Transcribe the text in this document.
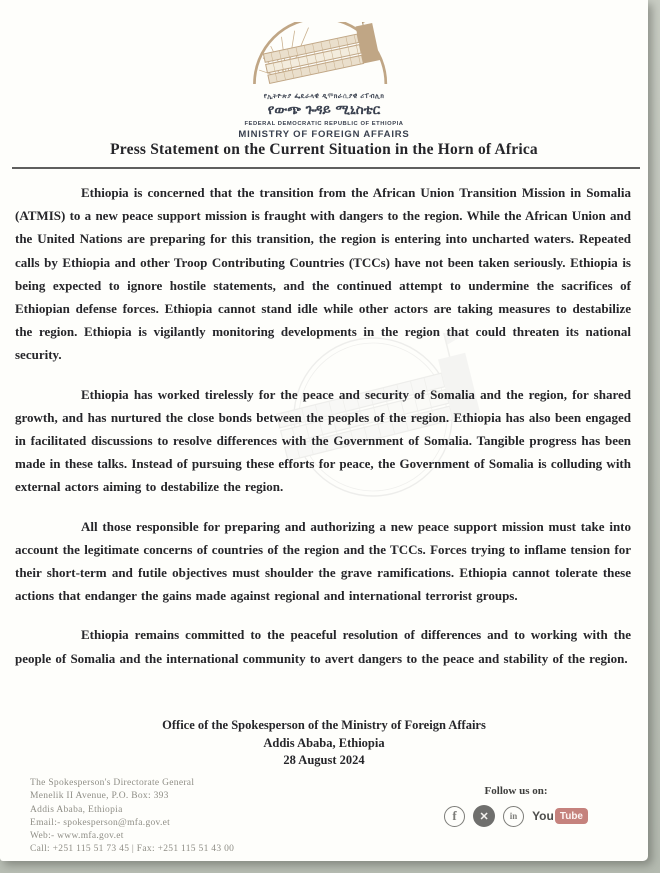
የኢትዮጵያ ፌዴራላዊ ዲሞክራሲያዊ ሪፐብሊክ
የውጭ ጉዳይ ሚኒስቴር
FEDERAL DEMOCRATIC REPUBLIC OF ETHIOPIA
MINISTRY OF FOREIGN AFFAIRS
Press Statement on the Current Situation in the Horn of Africa

Ethiopia is concerned that the transition from the African Union Transition Mission in Somalia (ATMIS) to a new peace support mission is fraught with dangers to the region. While the African Union and the United Nations are preparing for this transition, the region is entering into uncharted waters. Repeated calls by Ethiopia and other Troop Contributing Countries (TCCs) have not been taken seriously. Ethiopia is being expected to ignore hostile statements, and the continued attempt to undermine the sacrifices of Ethiopian defense forces. Ethiopia cannot stand idle while other actors are taking measures to destabilize the region. Ethiopia is vigilantly monitoring developments in the region that could threaten its national security.

Ethiopia has worked tirelessly for the peace and security of Somalia and the region, for shared growth, and has nurtured the close bonds between the peoples of the region. Ethiopia has also been engaged in facilitated discussions to resolve differences with the Government of Somalia. Tangible progress has been made in these talks. Instead of pursuing these efforts for peace, the Government of Somalia is colluding with external actors aiming to destabilize the region.

All those responsible for preparing and authorizing a new peace support mission must take into account the legitimate concerns of countries of the region and the TCCs. Forces trying to inflame tension for their short-term and futile objectives must shoulder the grave ramifications. Ethiopia cannot tolerate these actions that endanger the gains made against regional and international terrorist groups.

Ethiopia remains committed to the peaceful resolution of differences and to working with the people of Somalia and the international community to avert dangers to the peace and stability of the region.

Office of the Spokesperson of the Ministry of Foreign Affairs
Addis Ababa, Ethiopia
28 August 2024
The Spokesperson's Directorate General
Menelik II Avenue, P.O. Box: 393
Addis Ababa, Ethiopia
Email:- spokesperson@mfa.gov.et
Web:- www.mfa.gov.et
Call: +251 115 51 73 45 | Fax: +251 115 51 43 00
Follow us on:
f	✕	in	You Tube
